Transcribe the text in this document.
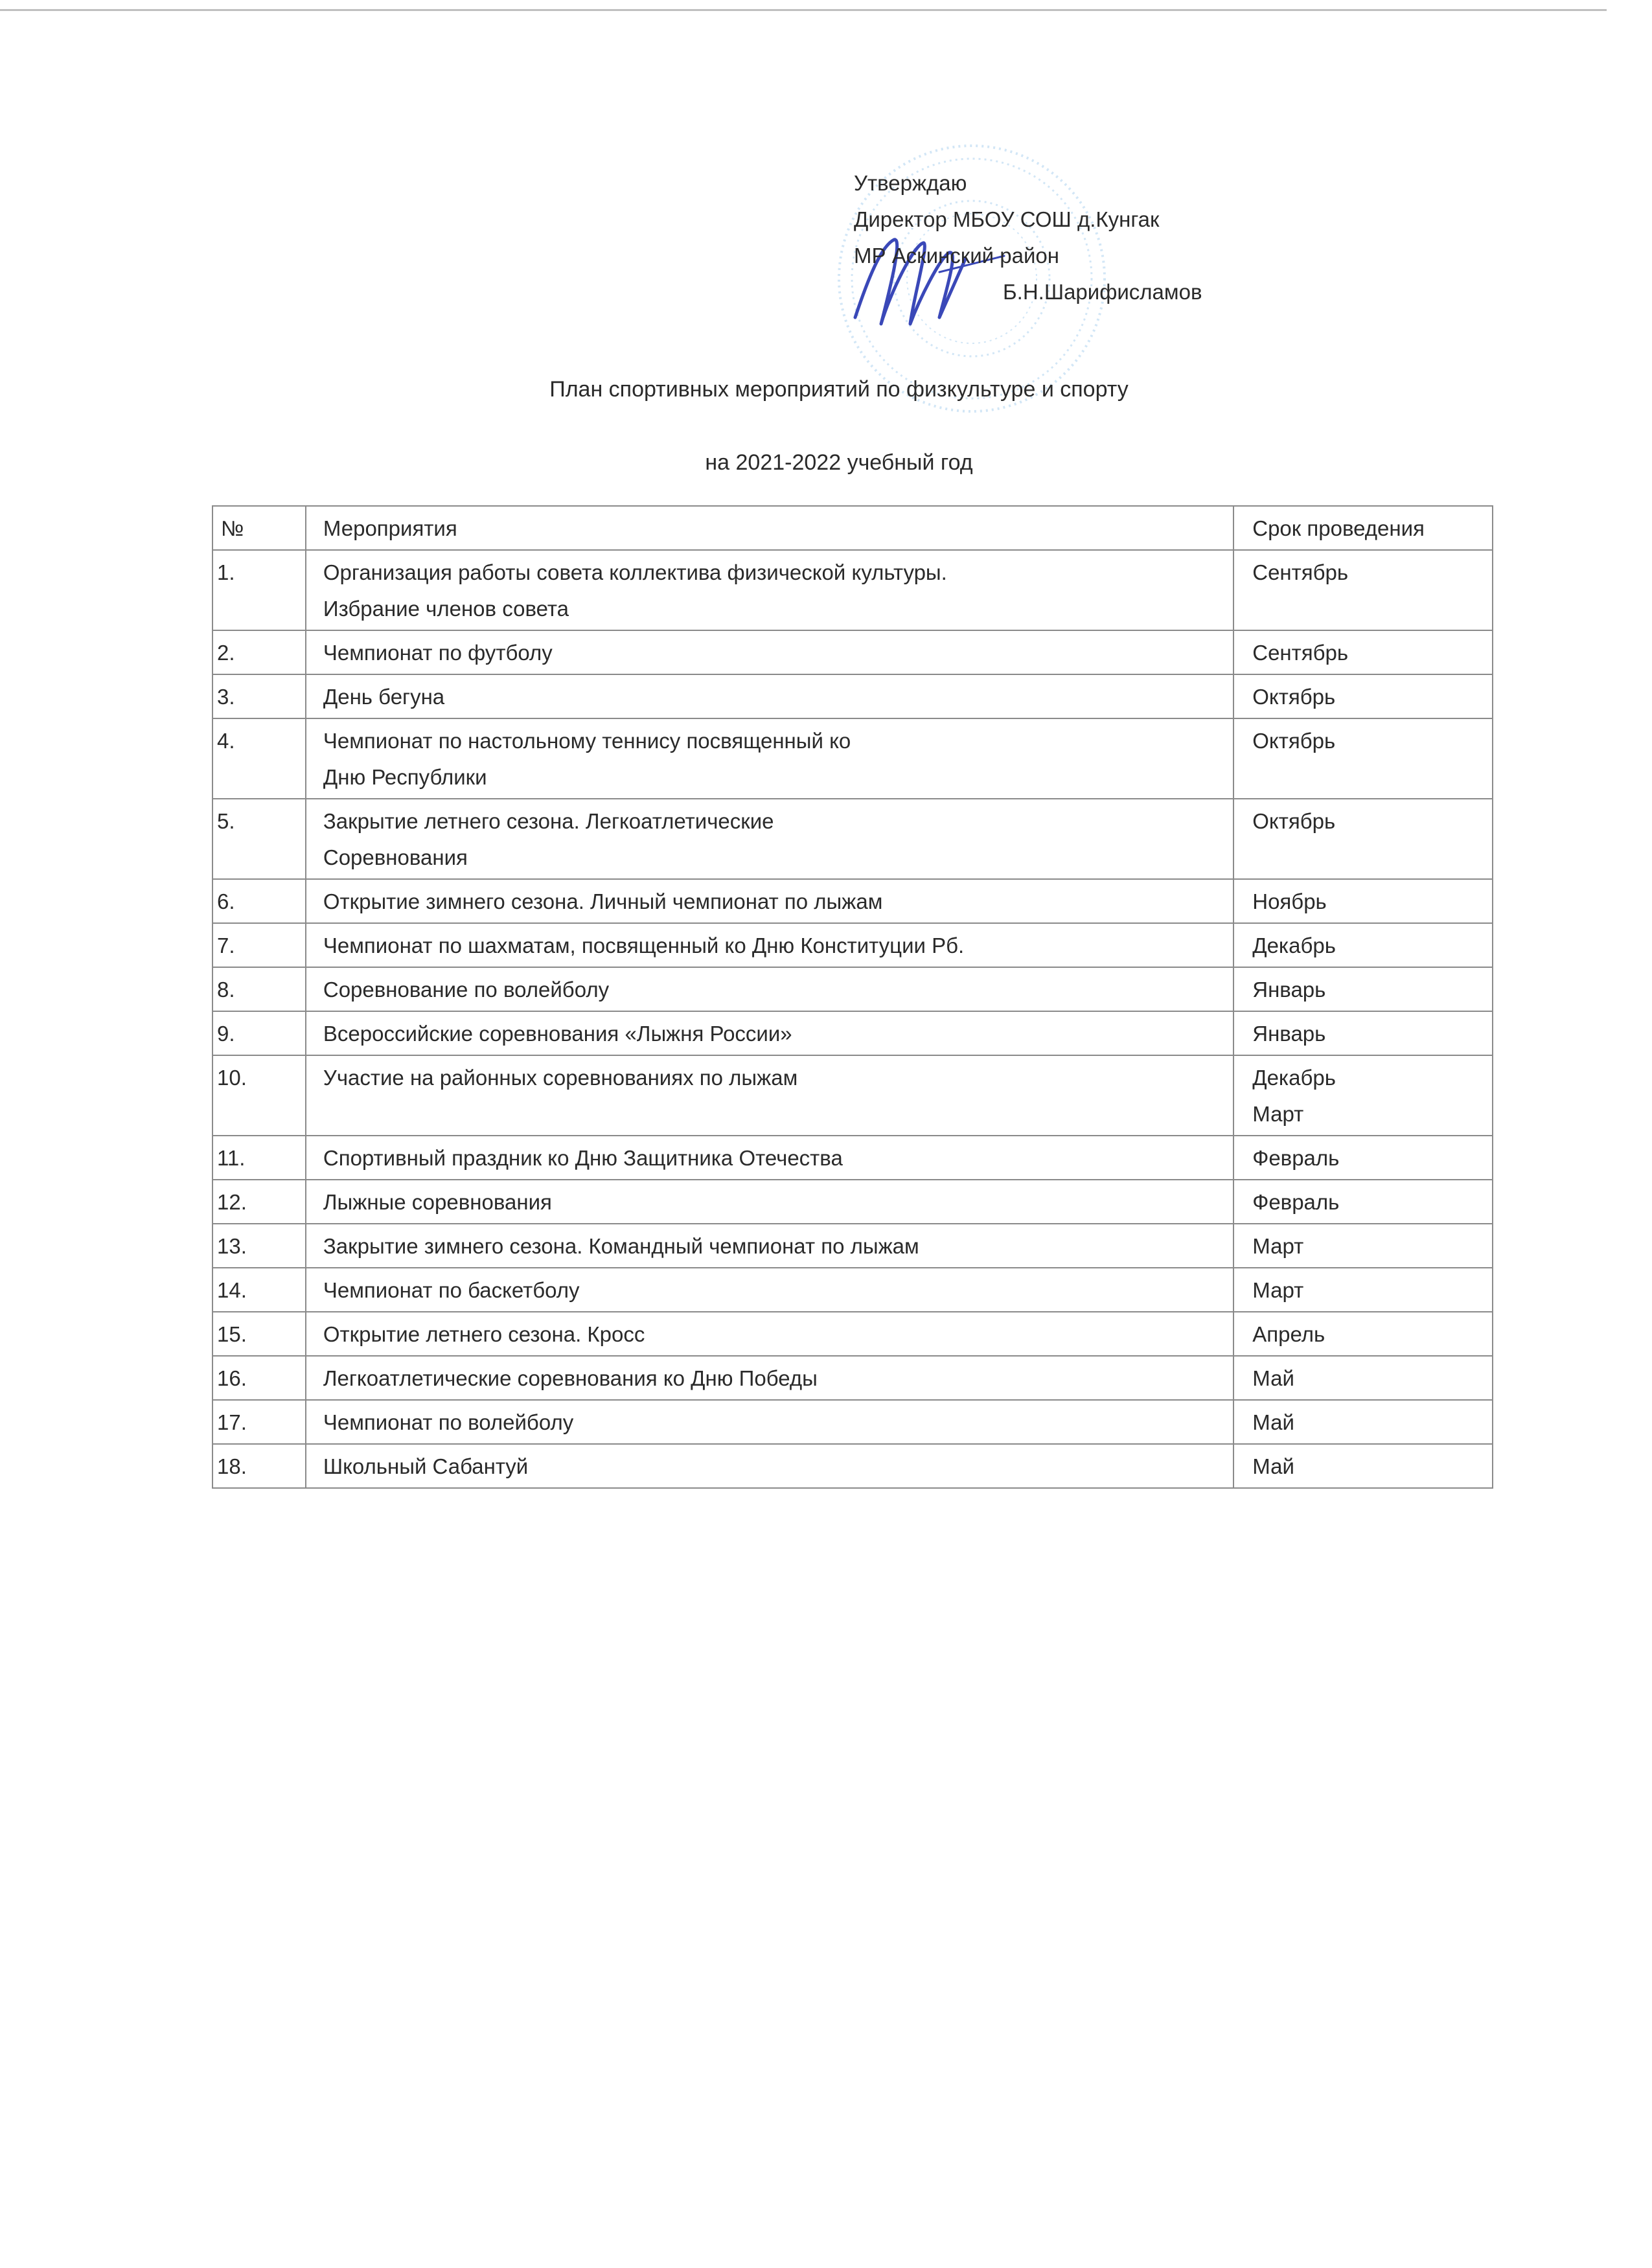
Утверждаю
Директор МБОУ СОШ д.Кунгак
МР Аскинский район
Б.Н.Шарифисламов
План спортивных мероприятий по физкультуре и спорту
на 2021-2022 учебный год
№	Мероприятия	Срок проведения
1.	Организация работы совета коллектива физической культуры.
Избрание членов совета	Сентябрь

2.	Чемпионат по футболу	Сентябрь

3.	День бегуна	Октябрь

4.	Чемпионат по настольному теннису посвященный ко
Дню Республики	Октябрь

5.	Закрытие летнего сезона. Легкоатлетические
Соревнования	Октябрь

6.	Открытие зимнего сезона. Личный чемпионат по лыжам	Ноябрь

7.	Чемпионат по шахматам, посвященный ко Дню Конституции Рб.	Декабрь

8.	Соревнование по волейболу	Январь

9.	Всероссийские соревнования «Лыжня России»	Январь

10.	Участие на районных соревнованиях по лыжам	Декабрь
Март

11.	Спортивный праздник ко Дню Защитника Отечества	Февраль

12.	Лыжные соревнования	Февраль

13.	Закрытие зимнего сезона. Командный чемпионат по лыжам	Март

14.	Чемпионат по баскетболу	Март

15.	Открытие летнего сезона. Кросс	Апрель

16.	Легкоатлетические соревнования ко Дню Победы	Май

17.	Чемпионат по волейболу	Май

18.	Школьный Сабантуй	Май
